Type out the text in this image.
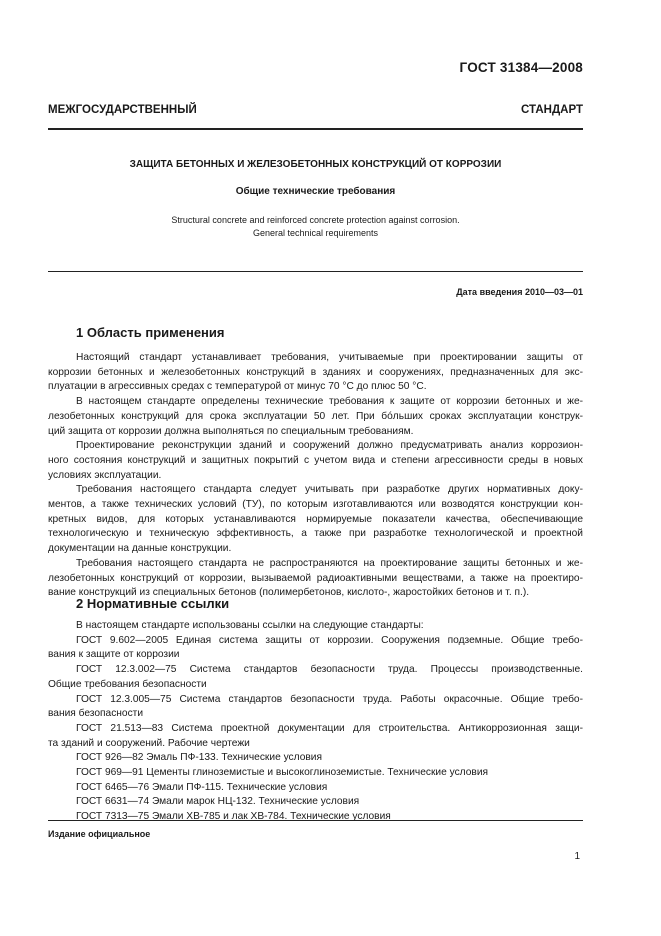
ГОСТ 31384—2008
МЕЖГОСУДАРСТВЕННЫЙ СТАНДАРТ
ЗАЩИТА БЕТОННЫХ И ЖЕЛЕЗОБЕТОННЫХ КОНСТРУКЦИЙ ОТ КОРРОЗИИ
Общие технические требования
Structural concrete and reinforced concrete protection against corrosion.
General technical requirements
Дата введения 2010—03—01
1 Область применения
Настоящий стандарт устанавливает требования, учитываемые при проектировании защиты от
коррозии бетонных и железобетонных конструкций в зданиях и сооружениях, предназначенных для экс-
плуатации в агрессивных средах с температурой от минус 70 °С до плюс 50 °С.
В настоящем стандарте определены технические требования к защите от коррозии бетонных и же-
лезобетонных конструкций для срока эксплуатации 50 лет. При бóльших сроках эксплуатации конструк-
ций защита от коррозии должна выполняться по специальным требованиям.
Проектирование реконструкции зданий и сооружений должно предусматривать анализ коррозион-
ного состояния конструкций и защитных покрытий с учетом вида и степени агрессивности среды в новых
условиях эксплуатации.
Требования настоящего стандарта следует учитывать при разработке других нормативных доку-
ментов, а также технических условий (ТУ), по которым изготавливаются или возводятся конструкции кон-
кретных видов, для которых устанавливаются нормируемые показатели качества, обеспечивающие
технологическую и техническую эффективность, а также при разработке технологической и проектной
документации на данные конструкции.
Требования настоящего стандарта не распространяются на проектирование защиты бетонных и же-
лезобетонных конструкций от коррозии, вызываемой радиоактивными веществами, а также на проектиро-
вание конструкций из специальных бетонов (полимербетонов, кислото-, жаростойких бетонов и т. п.).
2 Нормативные ссылки
В настоящем стандарте использованы ссылки на следующие стандарты:
ГОСТ 9.602—2005 Единая система защиты от коррозии. Сооружения подземные. Общие требо-
вания к защите от коррозии
ГОСТ 12.3.002—75 Система стандартов безопасности труда. Процессы производственные.
Общие требования безопасности
ГОСТ 12.3.005—75 Система стандартов безопасности труда. Работы окрасочные. Общие требо-
вания безопасности
ГОСТ 21.513—83 Система проектной документации для строительства. Антикоррозионная защи-
та зданий и сооружений. Рабочие чертежи
ГОСТ 926—82 Эмаль ПФ-133. Технические условия
ГОСТ 969—91 Цементы глиноземистые и высокоглиноземистые. Технические условия
ГОСТ 6465—76 Эмали ПФ-115. Технические условия
ГОСТ 6631—74 Эмали марок НЦ-132. Технические условия
ГОСТ 7313—75 Эмали ХВ-785 и лак ХВ-784. Технические условия
Издание официальное
1
